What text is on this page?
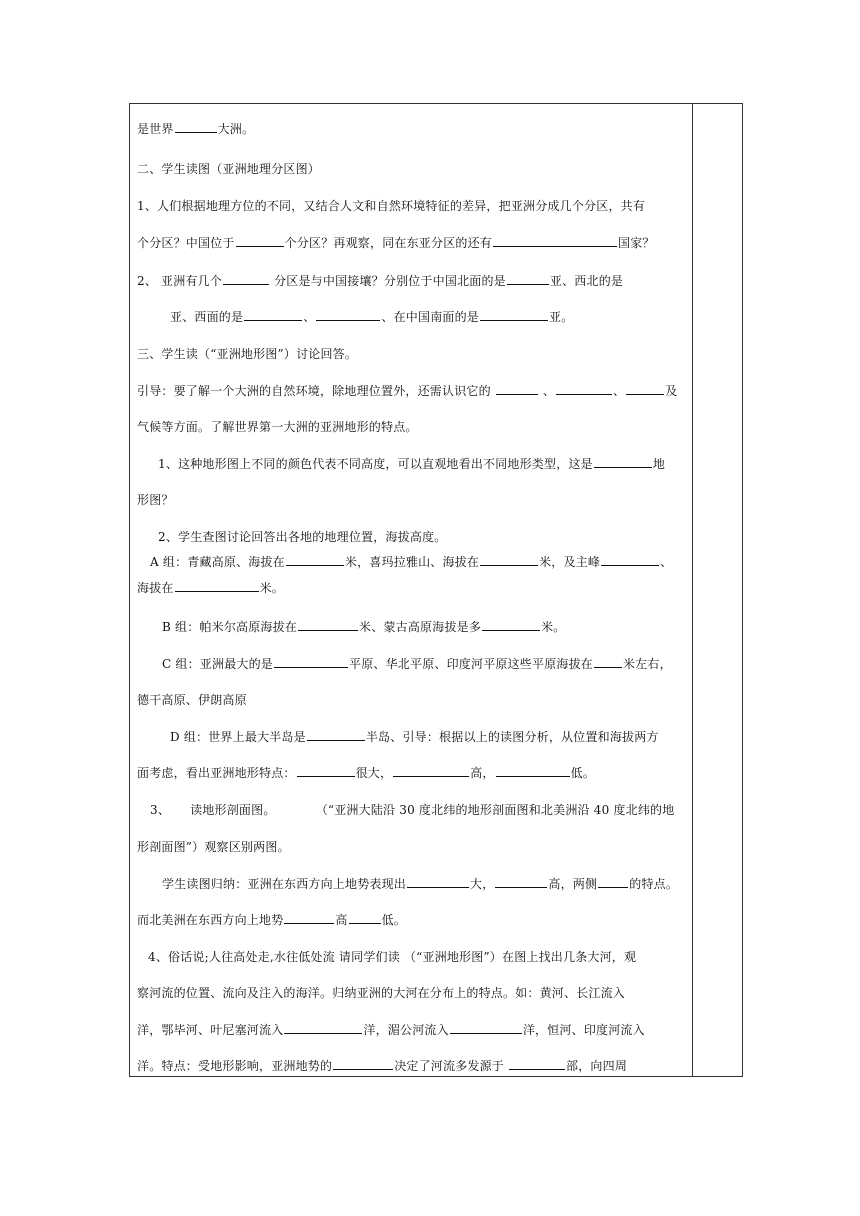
是世界	大洲。
二、学生读图（亚洲地理分区图）
1、人们根据地理方位的不同，又结合人文和自然环境特征的差异，把亚洲分成几个分区，共有
个分区？中国位于	个分区？再观察，同在东亚分区的还有	国家？
2、 亚洲有几个	分区是与中国接壤？分别位于中国北面的是	亚、西北的是
亚、西面的是	、	、在中国南面的是	亚。
三、学生读（“亚洲地形图”）讨论回答。
引导：要了解一个大洲的自然环境，除地理位置外，还需认识它的	、	、	及
气候等方面。了解世界第一大洲的亚洲地形的特点。
1、这种地形图上不同的颜色代表不同高度，可以直观地看出不同地形类型，这是	地
形图？
2、学生查图讨论回答出各地的地理位置，海拔高度。
A 组：青藏高原、海拔在	米，喜玛拉雅山、海拔在	米，及主峰	、
海拔在	米。
B 组：帕米尔高原海拔在	米、蒙古高原海拔是多	米。
C 组：亚洲最大的是	平原、华北平原、印度河平原这些平原海拔在	米左右，
德干高原、伊朗高原
D 组：世界上最大半岛是	半岛、引导：根据以上的读图分析，从位置和海拔两方
面考虑，看出亚洲地形特点：	很大，	高，	低。
3、 读地形剖面图。	（“亚洲大陆沿 30 度北纬的地形剖面图和北美洲沿 40 度北纬的地
形剖面图”）观察区别两图。
学生读图归纳：亚洲在东西方向上地势表现出	大，	高，两侧	的特点。
而北美洲在东西方向上地势	高	低。
4、俗话说;人往高处走,水往低处流 请同学们读 （“亚洲地形图”）在图上找出几条大河，观
察河流的位置、流向及注入的海洋。归纳亚洲的大河在分布上的特点。如：黄河、长江流入
洋，鄂毕河、叶尼塞河流入	洋，湄公河流入	洋，恒河、印度河流入
洋。特点：受地形影响，亚洲地势的	决定了河流多发源于	部，向四周
